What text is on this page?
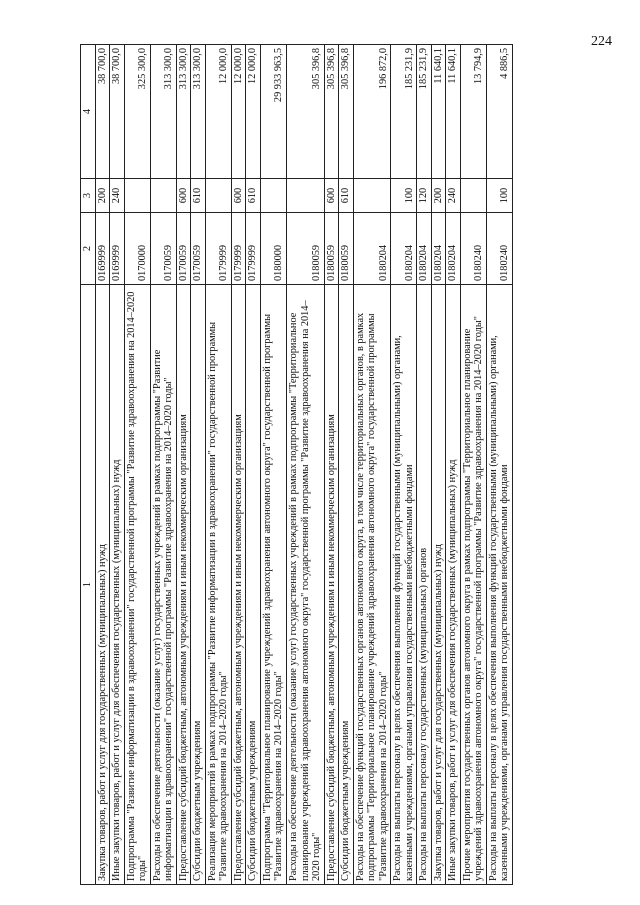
224
1	2	3	4
Закупка товаров, работ и услуг для государственных (муниципальных) нужд	0169999	200	38 700,0
Иные закупки товаров, работ и услуг для обеспечения государственных (муниципальных) нужд	0169999	240	38 700,0
Подпрограмма "Развитие информатизации в здравоохранении" государственной программы "Развитие здравоохранения на 2014–2020 годы"	0170000		325 300,0
Расходы на обеспечение деятельности (оказание услуг) государственных учреждений в рамках подпрограммы "Развитие информатизации в здравоохранении" государственной программы "Развитие здравоохранения на 2014–2020 годы"	0170059		313 300,0
Предоставление субсидий бюджетным, автономным учреждениям и иным некоммерческим организациям	0170059	600	313 300,0
Субсидии бюджетным учреждениям	0170059	610	313 300,0
Реализация мероприятий в рамках подпрограммы "Развитие информатизации в здравоохранении" государственной программы "Развитие здравоохранения на 2014–2020 годы"	0179999		12 000,0
Предоставление субсидий бюджетным, автономным учреждениям и иным некоммерческим организациям	0179999	600	12 000,0
Субсидии бюджетным учреждениям	0179999	610	12 000,0
Подпрограмма "Территориальное планирование учреждений здравоохранения автономного округа" государственной программы "Развитие здравоохранения на 2014–2020 годы"	0180000		29 933 963,5
Расходы на обеспечение деятельности (оказание услуг) государственных учреждений в рамках подпрограммы "Территориальное планирование учреждений здравоохранения автономного округа" государственной программы "Развитие здравоохранения на 2014–2020 годы"	0180059		305 396,8
Предоставление субсидий бюджетным, автономным учреждениям и иным некоммерческим организациям	0180059	600	305 396,8
Субсидии бюджетным учреждениям	0180059	610	305 396,8
Расходы на обеспечение функций государственных органов автономного округа, в том числе территориальных органов, в рамках подпрограммы "Территориальное планирование учреждений здравоохранения автономного округа" государственной программы "Развитие здравоохранения на 2014–2020 годы"	0180204		196 872,0
Расходы на выплаты персоналу в целях обеспечения выполнения функций государственными (муниципальными) органами, казенными учреждениями, органами управления государственными внебюджетными фондами	0180204	100	185 231,9
Расходы на выплаты персоналу государственных (муниципальных) органов	0180204	120	185 231,9
Закупка товаров, работ и услуг для государственных (муниципальных) нужд	0180204	200	11 640,1
Иные закупки товаров, работ и услуг для обеспечения государственных (муниципальных) нужд	0180204	240	11 640,1
Прочие мероприятия государственных органов автономного округа в рамках подпрограммы "Территориальное планирование учреждений здравоохранения автономного округа" государственной программы "Развитие здравоохранения на 2014–2020 годы"	0180240		13 794,9
Расходы на выплаты персоналу в целях обеспечения выполнения функций государственными (муниципальными) органами, казенными учреждениями, органами управления государственными внебюджетными фондами	0180240	100	4 886,5
